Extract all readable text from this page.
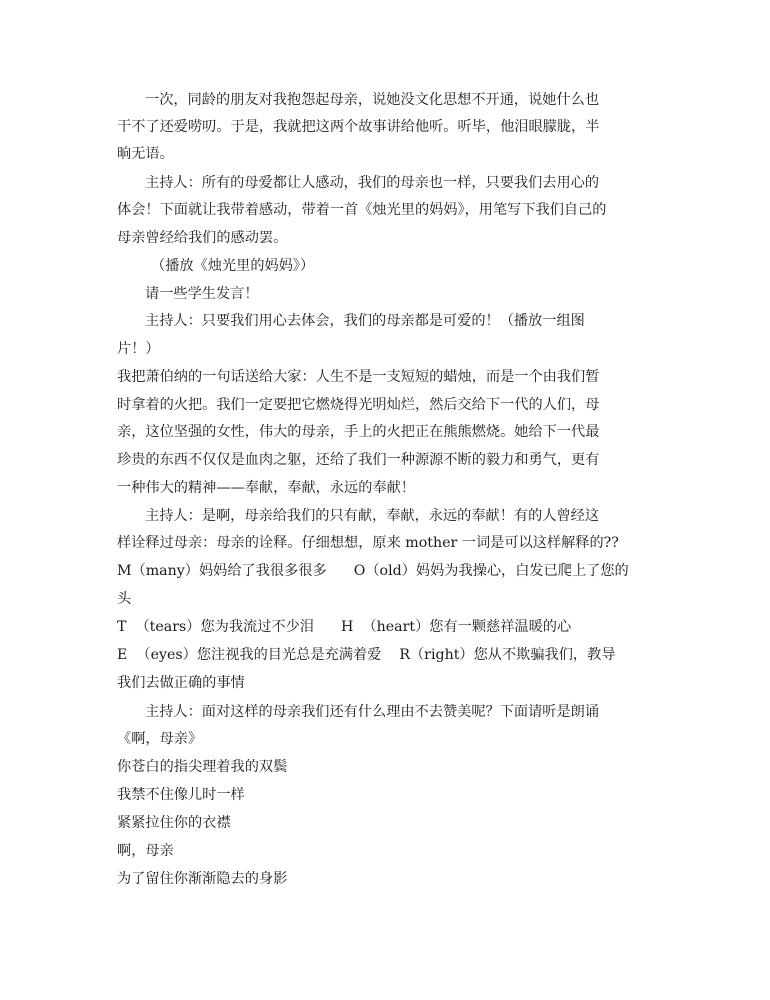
一次，同龄的朋友对我抱怨起母亲，说她没文化思想不开通，说她什么也
干不了还爱唠叨。于是，我就把这两个故事讲给他听。听毕，他泪眼朦胧，半
晌无语。
主持人：所有的母爱都让人感动，我们的母亲也一样，只要我们去用心的
体会！下面就让我带着感动，带着一首《烛光里的妈妈》，用笔写下我们自己的
母亲曾经给我们的感动罢。
（播放《烛光里的妈妈》）
请一些学生发言！
主持人：只要我们用心去体会，我们的母亲都是可爱的！（播放一组图
片！）
我把萧伯纳的一句话送给大家：人生不是一支短短的蜡烛，而是一个由我们暂
时拿着的火把。我们一定要把它燃烧得光明灿烂，然后交给下一代的人们，母
亲，这位坚强的女性，伟大的母亲，手上的火把正在熊熊燃烧。她给下一代最
珍贵的东西不仅仅是血肉之躯，还给了我们一种源源不断的毅力和勇气，更有
一种伟大的精神——奉献，奉献，永远的奉献！
主持人：是啊，母亲给我们的只有献，奉献，永远的奉献！有的人曾经这
样诠释过母亲：母亲的诠释。仔细想想，原来 mother 一词是可以这样解释的??
M（many）妈妈给了我很多很多      O（old）妈妈为我操心，白发已爬上了您的
头
T  （tears）您为我流过不少泪      H  （heart）您有一颗慈祥温暖的心
E  （eyes）您注视我的目光总是充满着爱    R（right）您从不欺骗我们，教导
我们去做正确的事情
主持人：面对这样的母亲我们还有什么理由不去赞美呢？下面请听是朗诵
《啊，母亲》
你苍白的指尖理着我的双鬓
我禁不住像儿时一样
紧紧拉住你的衣襟
啊，母亲
为了留住你渐渐隐去的身影
